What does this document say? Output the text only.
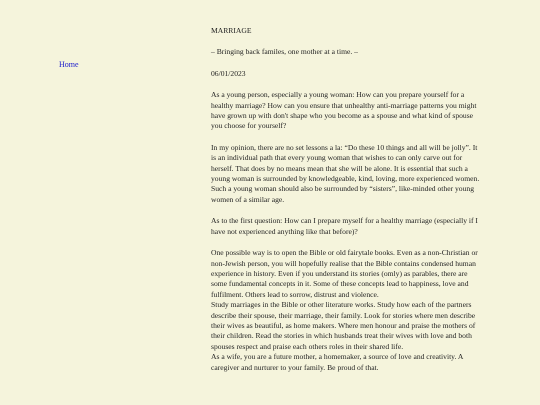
Home

MARRIAGE

– Bringing back familes, one mother at a time. –

06/01/2023

As a young person, especially a young woman: How can you prepare yourself for a healthy marriage? How can you ensure that unhealthy anti-marriage patterns you might have grown up with don't shape who you become as a spouse and what kind of spouse you choose for yourself?

In my opinion, there are no set lessons a la: “Do these 10 things and all will be jolly”. It is an individual path that every young woman that wishes to can only carve out for herself. That does by no means mean that she will be alone. It is essential that such a young woman is surrounded by knowledgeable, kind, loving, more experienced women. Such a young woman should also be surrounded by “sisters”, like-minded other young women of a similar age.

As to the first question: How can I prepare myself for a healthy marriage (especially if I have not experienced anything like that before)?

One possible way is to open the Bible or old fairytale books. Even as a non-Christian or non-Jewish person, you will hopefully realise that the Bible contains condensed human experience in history. Even if you understand its stories (omly) as parables, there are some fundamental concepts in it. Some of these concepts lead to happiness, love and fulfilment. Others lead to sorrow, distrust and violence.

Study marriages in the Bible or other literature works. Study how each of the partners describe their spouse, their marriage, their family. Look for stories where men describe their wives as beautiful, as home makers. Where men honour and praise the mothers of their children. Read the stories in which husbands treat their wives with love and both spouses respect and praise each others roles in their shared life.

As a wife, you are a future mother, a homemaker, a source of love and creativity. A caregiver and nurturer to your family. Be proud of that.
